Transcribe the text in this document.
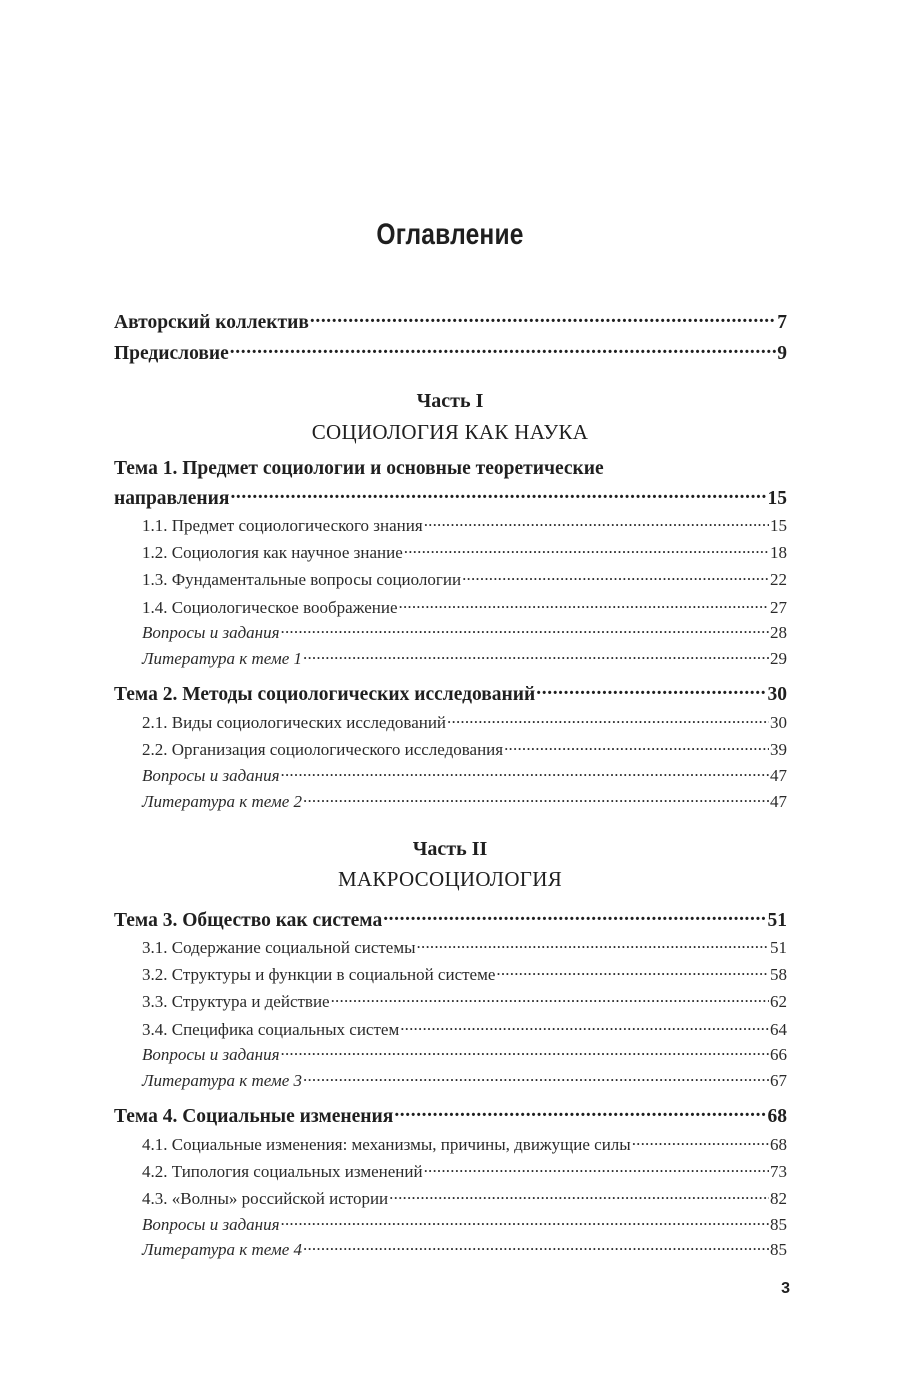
Оглавление
Авторский коллектив .....	7
Предисловие .....	9
Часть I
СОЦИОЛОГИЯ КАК НАУКА
Тема 1. Предмет социологии и основные теоретические
направления .....	15
1.1. Предмет социологического знания .....	15
1.2. Социология как научное знание .....	18
1.3. Фундаментальные вопросы социологии .....	22
1.4. Социологическое воображение .....	27
Вопросы и задания .....	28
Литература к теме 1 .....	29
Тема 2. Методы социологических исследований .....	30
2.1. Виды социологических исследований .....	30
2.2. Организация социологического исследования .....	39
Вопросы и задания .....	47
Литература к теме 2 .....	47
Часть II
МАКРОСОЦИОЛОГИЯ
Тема 3. Общество как система .....	51
3.1. Содержание социальной системы .....	51
3.2. Структуры и функции в социальной системе .....	58
3.3. Структура и действие .....	62
3.4. Специфика социальных систем .....	64
Вопросы и задания .....	66
Литература к теме 3 .....	67
Тема 4. Социальные изменения .....	68
4.1. Социальные изменения: механизмы, причины, движущие силы .....	68
4.2. Типология социальных изменений .....	73
4.3. «Волны» российской истории .....	82
Вопросы и задания .....	85
Литература к теме 4 .....	85
3
